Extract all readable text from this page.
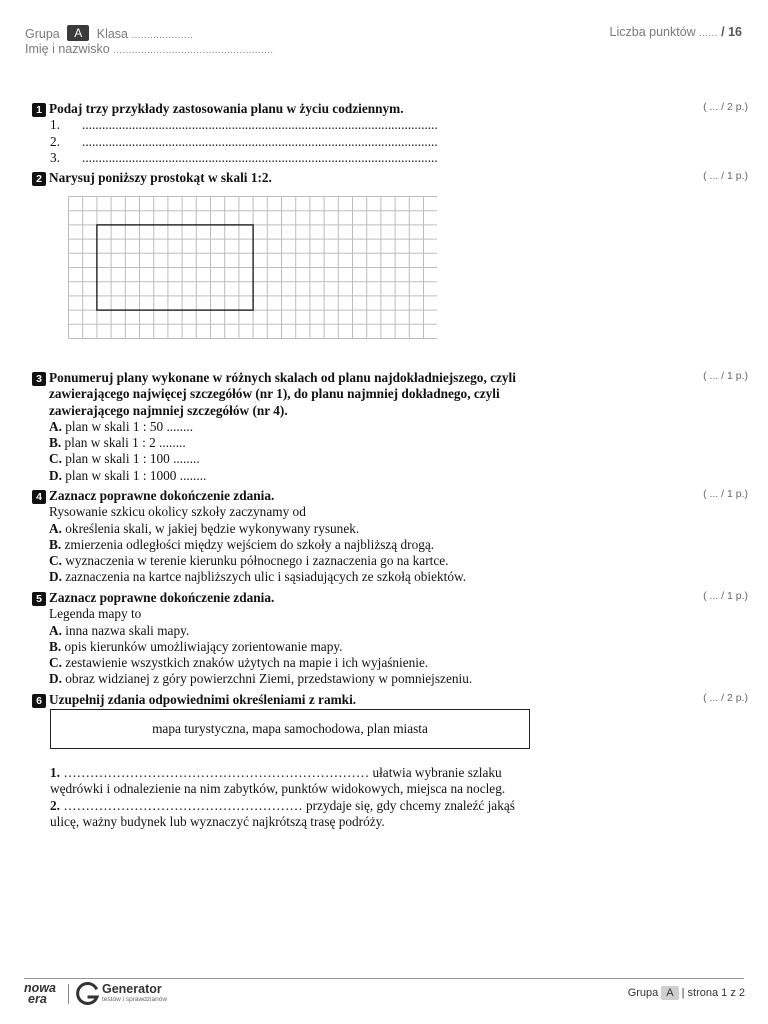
Grupa A Klasa ....................
Imię i nazwisko ....................................................
Liczba punktów ...... / 16
1 Podaj trzy przykłady zastosowania planu w życiu codziennym.
1. ...........................................................................................................
2. ...........................................................................................................
3. ...........................................................................................................
( ... / 2 p.)
2 Narysuj poniższy prostokąt w skali 1:2.	( ... / 1 p.)
3 Ponumeruj plany wykonane w różnych skalach od planu najdokładniejszego, czyli
zawierającego najwięcej szczegółów (nr 1), do planu najmniej dokładnego, czyli
zawierającego najmniej szczegółów (nr 4).
A. plan w skali 1 : 50 ........
B. plan w skali 1 : 2 ........
C. plan w skali 1 : 100 ........
D. plan w skali 1 : 1000 ........
( ... / 1 p.)
4 Zaznacz poprawne dokończenie zdania.
Rysowanie szkicu okolicy szkoły zaczynamy od
A. określenia skali, w jakiej będzie wykonywany rysunek.
B. zmierzenia odległości między wejściem do szkoły a najbliższą drogą.
C. wyznaczenia w terenie kierunku północnego i zaznaczenia go na kartce.
D. zaznaczenia na kartce najbliższych ulic i sąsiadujących ze szkołą obiektów.
( ... / 1 p.)
5 Zaznacz poprawne dokończenie zdania.
Legenda mapy to
A. inna nazwa skali mapy.
B. opis kierunków umożliwiający zorientowanie mapy.
C. zestawienie wszystkich znaków użytych na mapie i ich wyjaśnienie.
D. obraz widzianej z góry powierzchni Ziemi, przedstawiony w pomniejszeniu.
( ... / 1 p.)
6 Uzupełnij zdania odpowiednimi określeniami z ramki.	( ... / 2 p.)
mapa turystyczna, mapa samochodowa, plan miasta
1. …………………………………………………………… ułatwia wybranie szlaku
wędrówki i odnalezienie na nim zabytków, punktów widokowych, miejsca na nocleg.
2. ……………………………………………… przydaje się, gdy chcemy znaleźć jakąś
ulicę, ważny budynek lub wyznaczyć najkrótszą trasę podróży.
nowa
era
Generator
testów i sprawdzianów
Grupa A | strona 1 z 2
